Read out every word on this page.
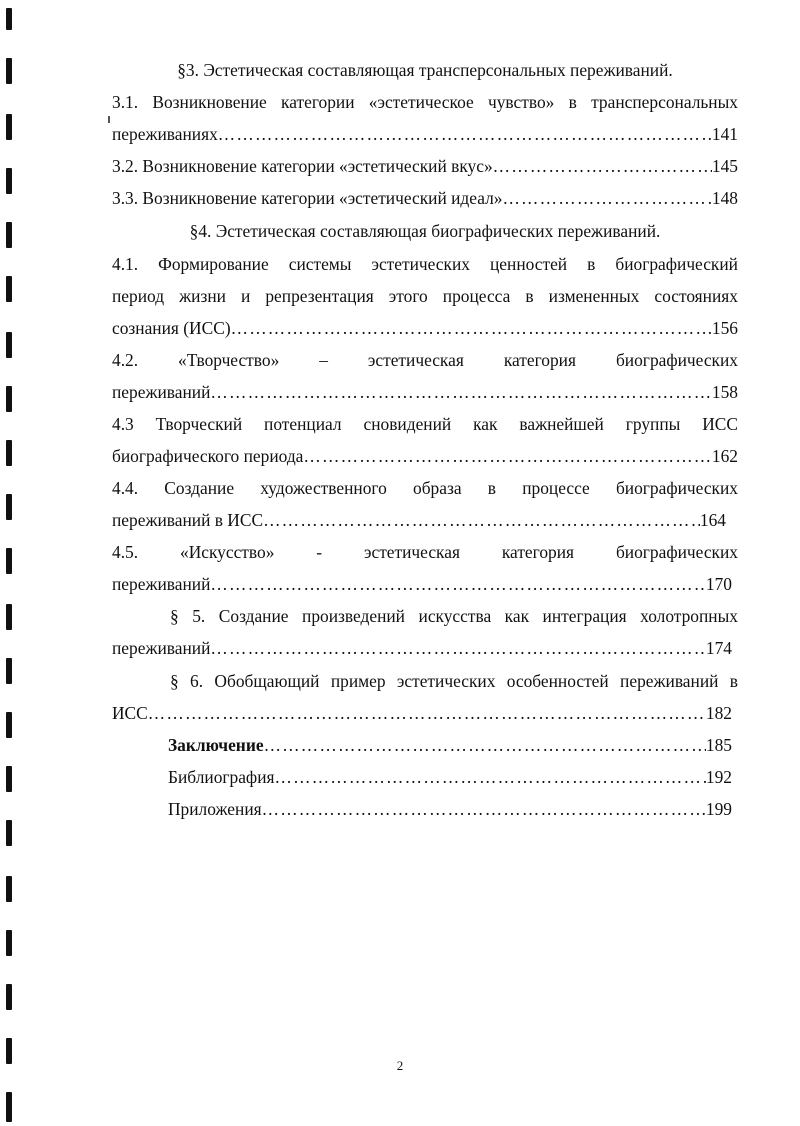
§3. Эстетическая составляющая трансперсональных переживаний.
3.1. Возникновение категории «эстетическое чувство» в трансперсональных
переживаниях …………………………………………………………………………………………………………………………………………………………………………	141
3.2. Возникновение категории «эстетический вкус» …………………………………………………………………………………………………………………………………………………………………………	145
3.3. Возникновение категории «эстетический идеал» …………………………………………………………………………………………………………………………………………………………………………	148
§4. Эстетическая составляющая биографических переживаний.
4.1. Формирование системы эстетических ценностей в биографический
период жизни и репрезентация этого процесса в измененных состояниях
сознания (ИСС) …………………………………………………………………………………………………………………………………………………………………………	156
4.2. «Творчество» – эстетическая категория биографических
переживаний …………………………………………………………………………………………………………………………………………………………………………	158
4.3 Творческий потенциал сновидений как важнейшей группы ИСС
биографического периода …………………………………………………………………………………………………………………………………………………………………………	162
4.4. Создание художественного образа в процессе биографических
переживаний в ИСС …………………………………………………………………………………………………………………………………………………………………………	164
4.5. «Искусство» - эстетическая категория биографических
переживаний …………………………………………………………………………………………………………………………………………………………………………	170
§ 5. Создание произведений искусства как интеграция холотропных
переживаний …………………………………………………………………………………………………………………………………………………………………………	174
§ 6. Обобщающий пример эстетических особенностей переживаний в
ИСС …………………………………………………………………………………………………………………………………………………………………………	182
Заключение …………………………………………………………………………………………………………………………………………………………………………	185
Библиография …………………………………………………………………………………………………………………………………………………………………………	192
Приложения …………………………………………………………………………………………………………………………………………………………………………	199
2
